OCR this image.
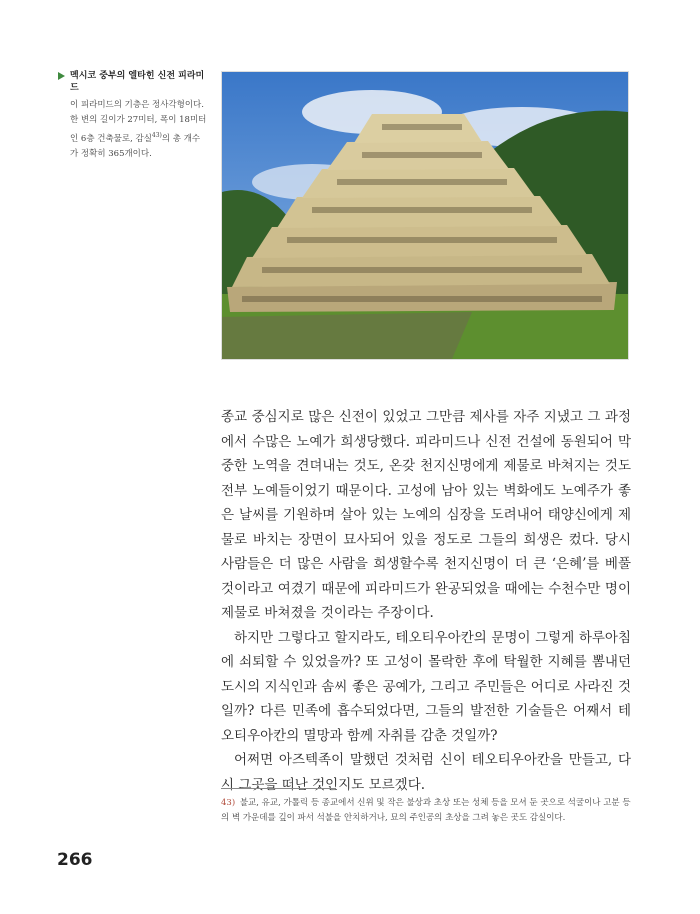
멕시코 중부의 엘타힌 신전 피라미드
이 피라미드의 기층은 정사각형이다. 한 변의 길이가 27미터, 폭이 18미터인 6층 건축물로, 감실$^{43)}$의 총 개수가 정확히 365개이다.

종교 중심지로 많은 신전이 있었고 그만큼 제사를 자주 지냈고 그 과정에서 수많은 노예가 희생당했다. 피라미드나 신전 건설에 동원되어 막중한 노역을 견뎌내는 것도, 온갖 천지신명에게 제물로 바쳐지는 것도 전부 노예들이었기 때문이다. 고성에 남아 있는 벽화에도 노예주가 좋은 날씨를 기원하며 살아 있는 노예의 심장을 도려내어 태양신에게 제물로 바치는 장면이 묘사되어 있을 정도로 그들의 희생은 컸다. 당시 사람들은 더 많은 사람을 희생할수록 천지신명이 더 큰 ‘은혜’를 베풀 것이라고 여겼기 때문에 피라미드가 완공되었을 때에는 수천수만 명이 제물로 바쳐졌을 것이라는 주장이다.

하지만 그렇다고 할지라도, 테오티우아칸의 문명이 그렇게 하루아침에 쇠퇴할 수 있었을까? 또 고성이 몰락한 후에 탁월한 지혜를 뽐내던 도시의 지식인과 솜씨 좋은 공예가, 그리고 주민들은 어디로 사라진 것일까? 다른 민족에 흡수되었다면, 그들의 발전한 기술들은 어째서 테오티우아칸의 멸망과 함께 자취를 감춘 것일까?

어쩌면 아즈텍족이 말했던 것처럼 신이 테오티우아칸을 만들고, 다시 그곳을 떠난 것인지도 모르겠다.

43) 불교, 유교, 가톨릭 등 종교에서 신위 및 작은 불상과 초상 또는 성체 등을 모셔 둔 곳으로 석굴이나 고분 등의 벽 가운데를 깊이 파서 석불을 안치하거나, 묘의 주인공의 초상을 그려 놓은 곳도 감실이다.
266
